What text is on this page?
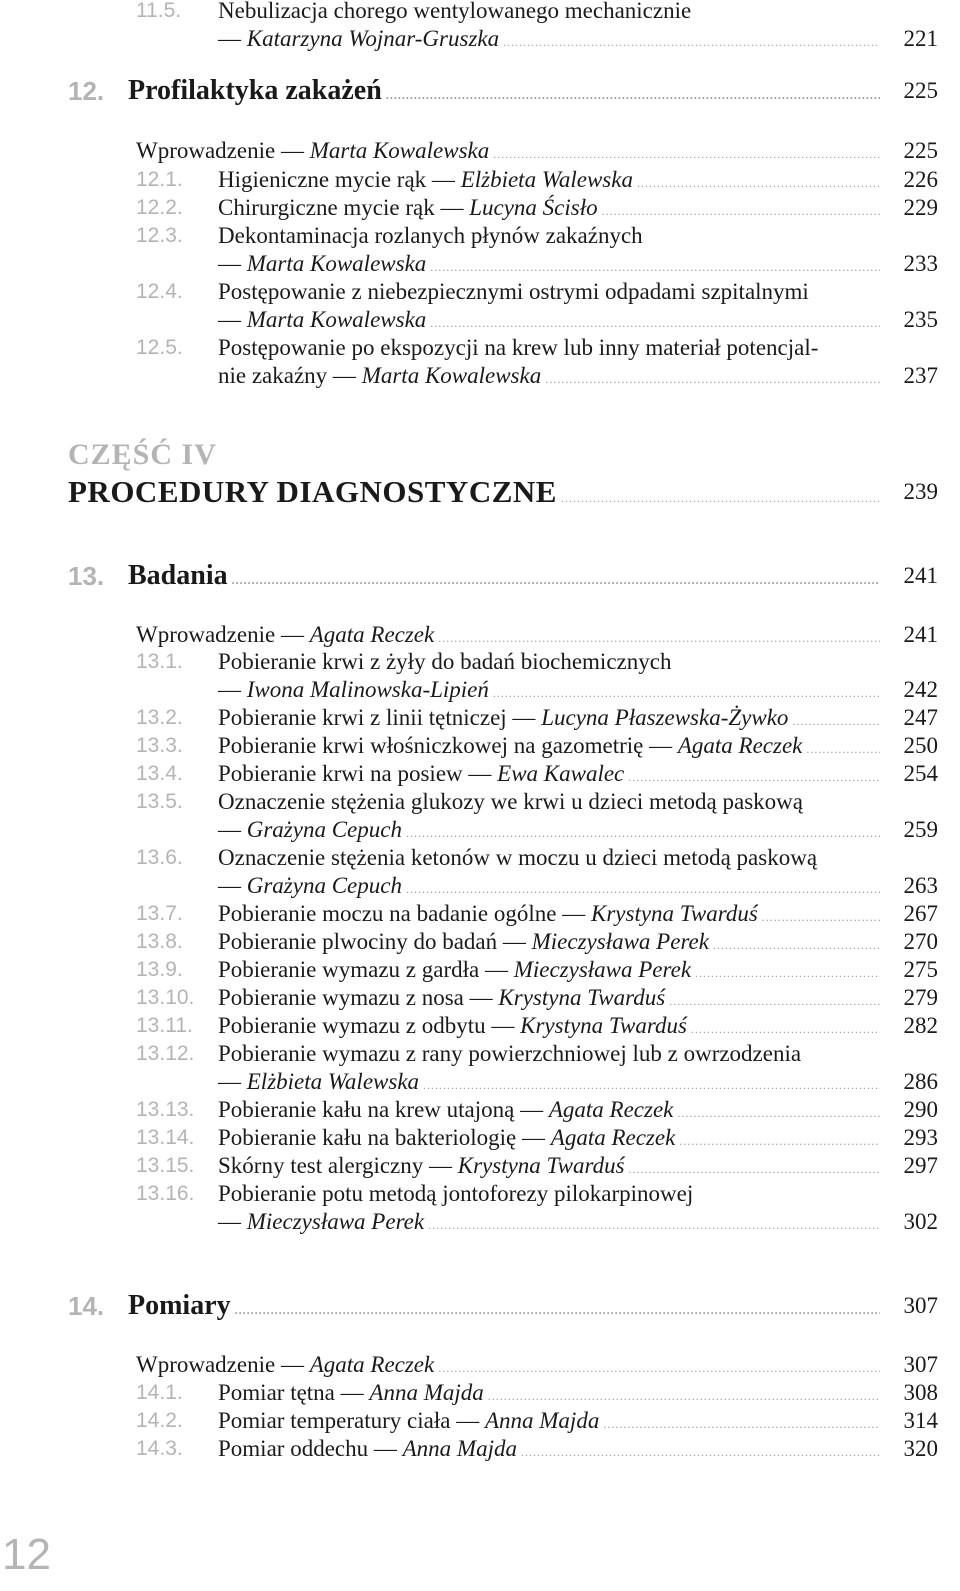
11.5. Nebulizacja chorego wentylowanego mechanicznie
— Katarzyna Wojnar-Gruszka .....	221
12. Profilaktyka zakażeń .....	225
Wprowadzenie — Marta Kowalewska .....	225
12.1. Higieniczne mycie rąk — Elżbieta Walewska .....	226
12.2. Chirurgiczne mycie rąk — Lucyna Ścisło .....	229
12.3. Dekontaminacja rozlanych płynów zakaźnych
— Marta Kowalewska .....	233
12.4. Postępowanie z niebezpiecznymi ostrymi odpadami szpitalnymi
— Marta Kowalewska .....	235
12.5. Postępowanie po ekspozycji na krew lub inny materiał potencjal-
nie zakaźny — Marta Kowalewska .....	237
CZĘŚĆ IV
PROCEDURY DIAGNOSTYCZNE .....	239
13. Badania .....	241
Wprowadzenie — Agata Reczek .....	241
13.1. Pobieranie krwi z żyły do badań biochemicznych
— Iwona Malinowska-Lipień .....	242
13.2. Pobieranie krwi z linii tętniczej — Lucyna Płaszewska-Żywko .....	247
13.3. Pobieranie krwi włośniczkowej na gazometrię — Agata Reczek .....	250
13.4. Pobieranie krwi na posiew — Ewa Kawalec .....	254
13.5. Oznaczenie stężenia glukozy we krwi u dzieci metodą paskową
— Grażyna Cepuch .....	259
13.6. Oznaczenie stężenia ketonów w moczu u dzieci metodą paskową
— Grażyna Cepuch .....	263
13.7. Pobieranie moczu na badanie ogólne — Krystyna Twarduś .....	267
13.8. Pobieranie plwociny do badań — Mieczysława Perek .....	270
13.9. Pobieranie wymazu z gardła — Mieczysława Perek .....	275
13.10. Pobieranie wymazu z nosa — Krystyna Twarduś .....	279
13.11. Pobieranie wymazu z odbytu — Krystyna Twarduś .....	282
13.12. Pobieranie wymazu z rany powierzchniowej lub z owrzodzenia
— Elżbieta Walewska .....	286
13.13. Pobieranie kału na krew utajoną — Agata Reczek .....	290
13.14. Pobieranie kału na bakteriologię — Agata Reczek .....	293
13.15. Skórny test alergiczny — Krystyna Twarduś .....	297
13.16. Pobieranie potu metodą jontoforezy pilokarpinowej
— Mieczysława Perek .....	302
14. Pomiary .....	307
Wprowadzenie — Agata Reczek .....	307
14.1. Pomiar tętna — Anna Majda .....	308
14.2. Pomiar temperatury ciała — Anna Majda .....	314
14.3. Pomiar oddechu — Anna Majda .....	320
12
